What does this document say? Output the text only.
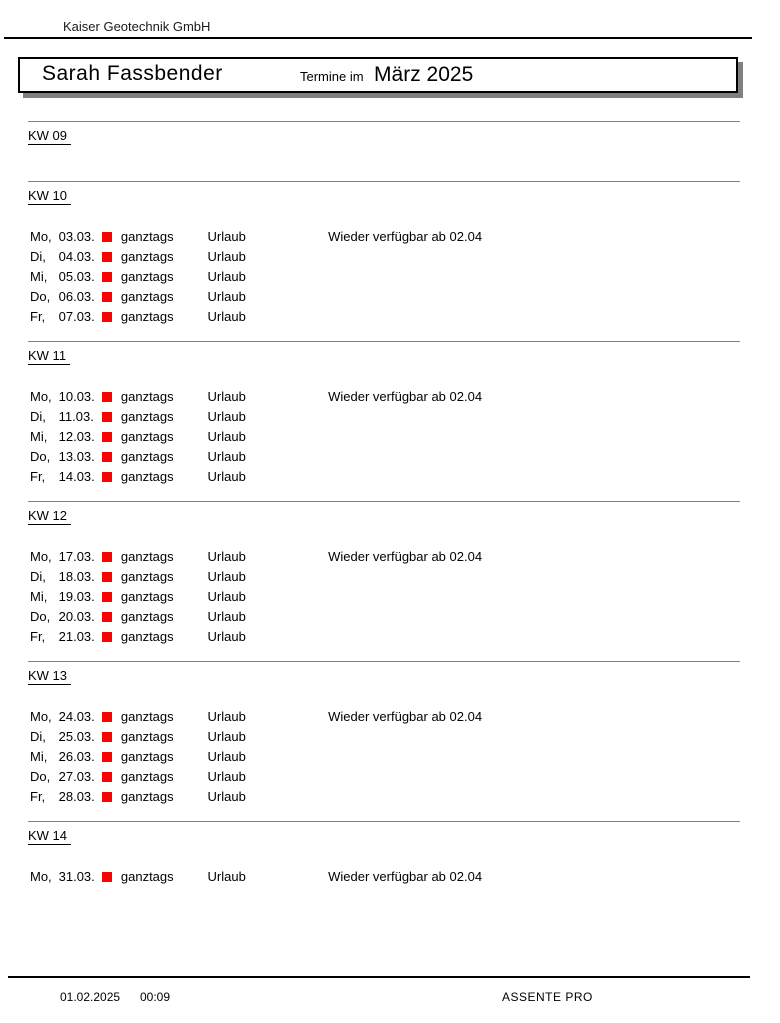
Kaiser Geotechnik GmbH
Sarah Fassbender	Termine im März 2025
KW 09
KW 10
Mo, 03.03. ganztags	Urlaub	Wieder verfügbar ab 02.04
Di, 04.03. ganztags	Urlaub
Mi, 05.03. ganztags	Urlaub
Do, 06.03. ganztags	Urlaub
Fr, 07.03. ganztags	Urlaub
KW 11
Mo, 10.03. ganztags	Urlaub	Wieder verfügbar ab 02.04
Di, 11.03. ganztags	Urlaub
Mi, 12.03. ganztags	Urlaub
Do, 13.03. ganztags	Urlaub
Fr, 14.03. ganztags	Urlaub
KW 12
Mo, 17.03. ganztags	Urlaub	Wieder verfügbar ab 02.04
Di, 18.03. ganztags	Urlaub
Mi, 19.03. ganztags	Urlaub
Do, 20.03. ganztags	Urlaub
Fr, 21.03. ganztags	Urlaub
KW 13
Mo, 24.03. ganztags	Urlaub	Wieder verfügbar ab 02.04
Di, 25.03. ganztags	Urlaub
Mi, 26.03. ganztags	Urlaub
Do, 27.03. ganztags	Urlaub
Fr, 28.03. ganztags	Urlaub
KW 14
Mo, 31.03. ganztags	Urlaub	Wieder verfügbar ab 02.04
01.02.2025 00:09	ASSENTE PRO
